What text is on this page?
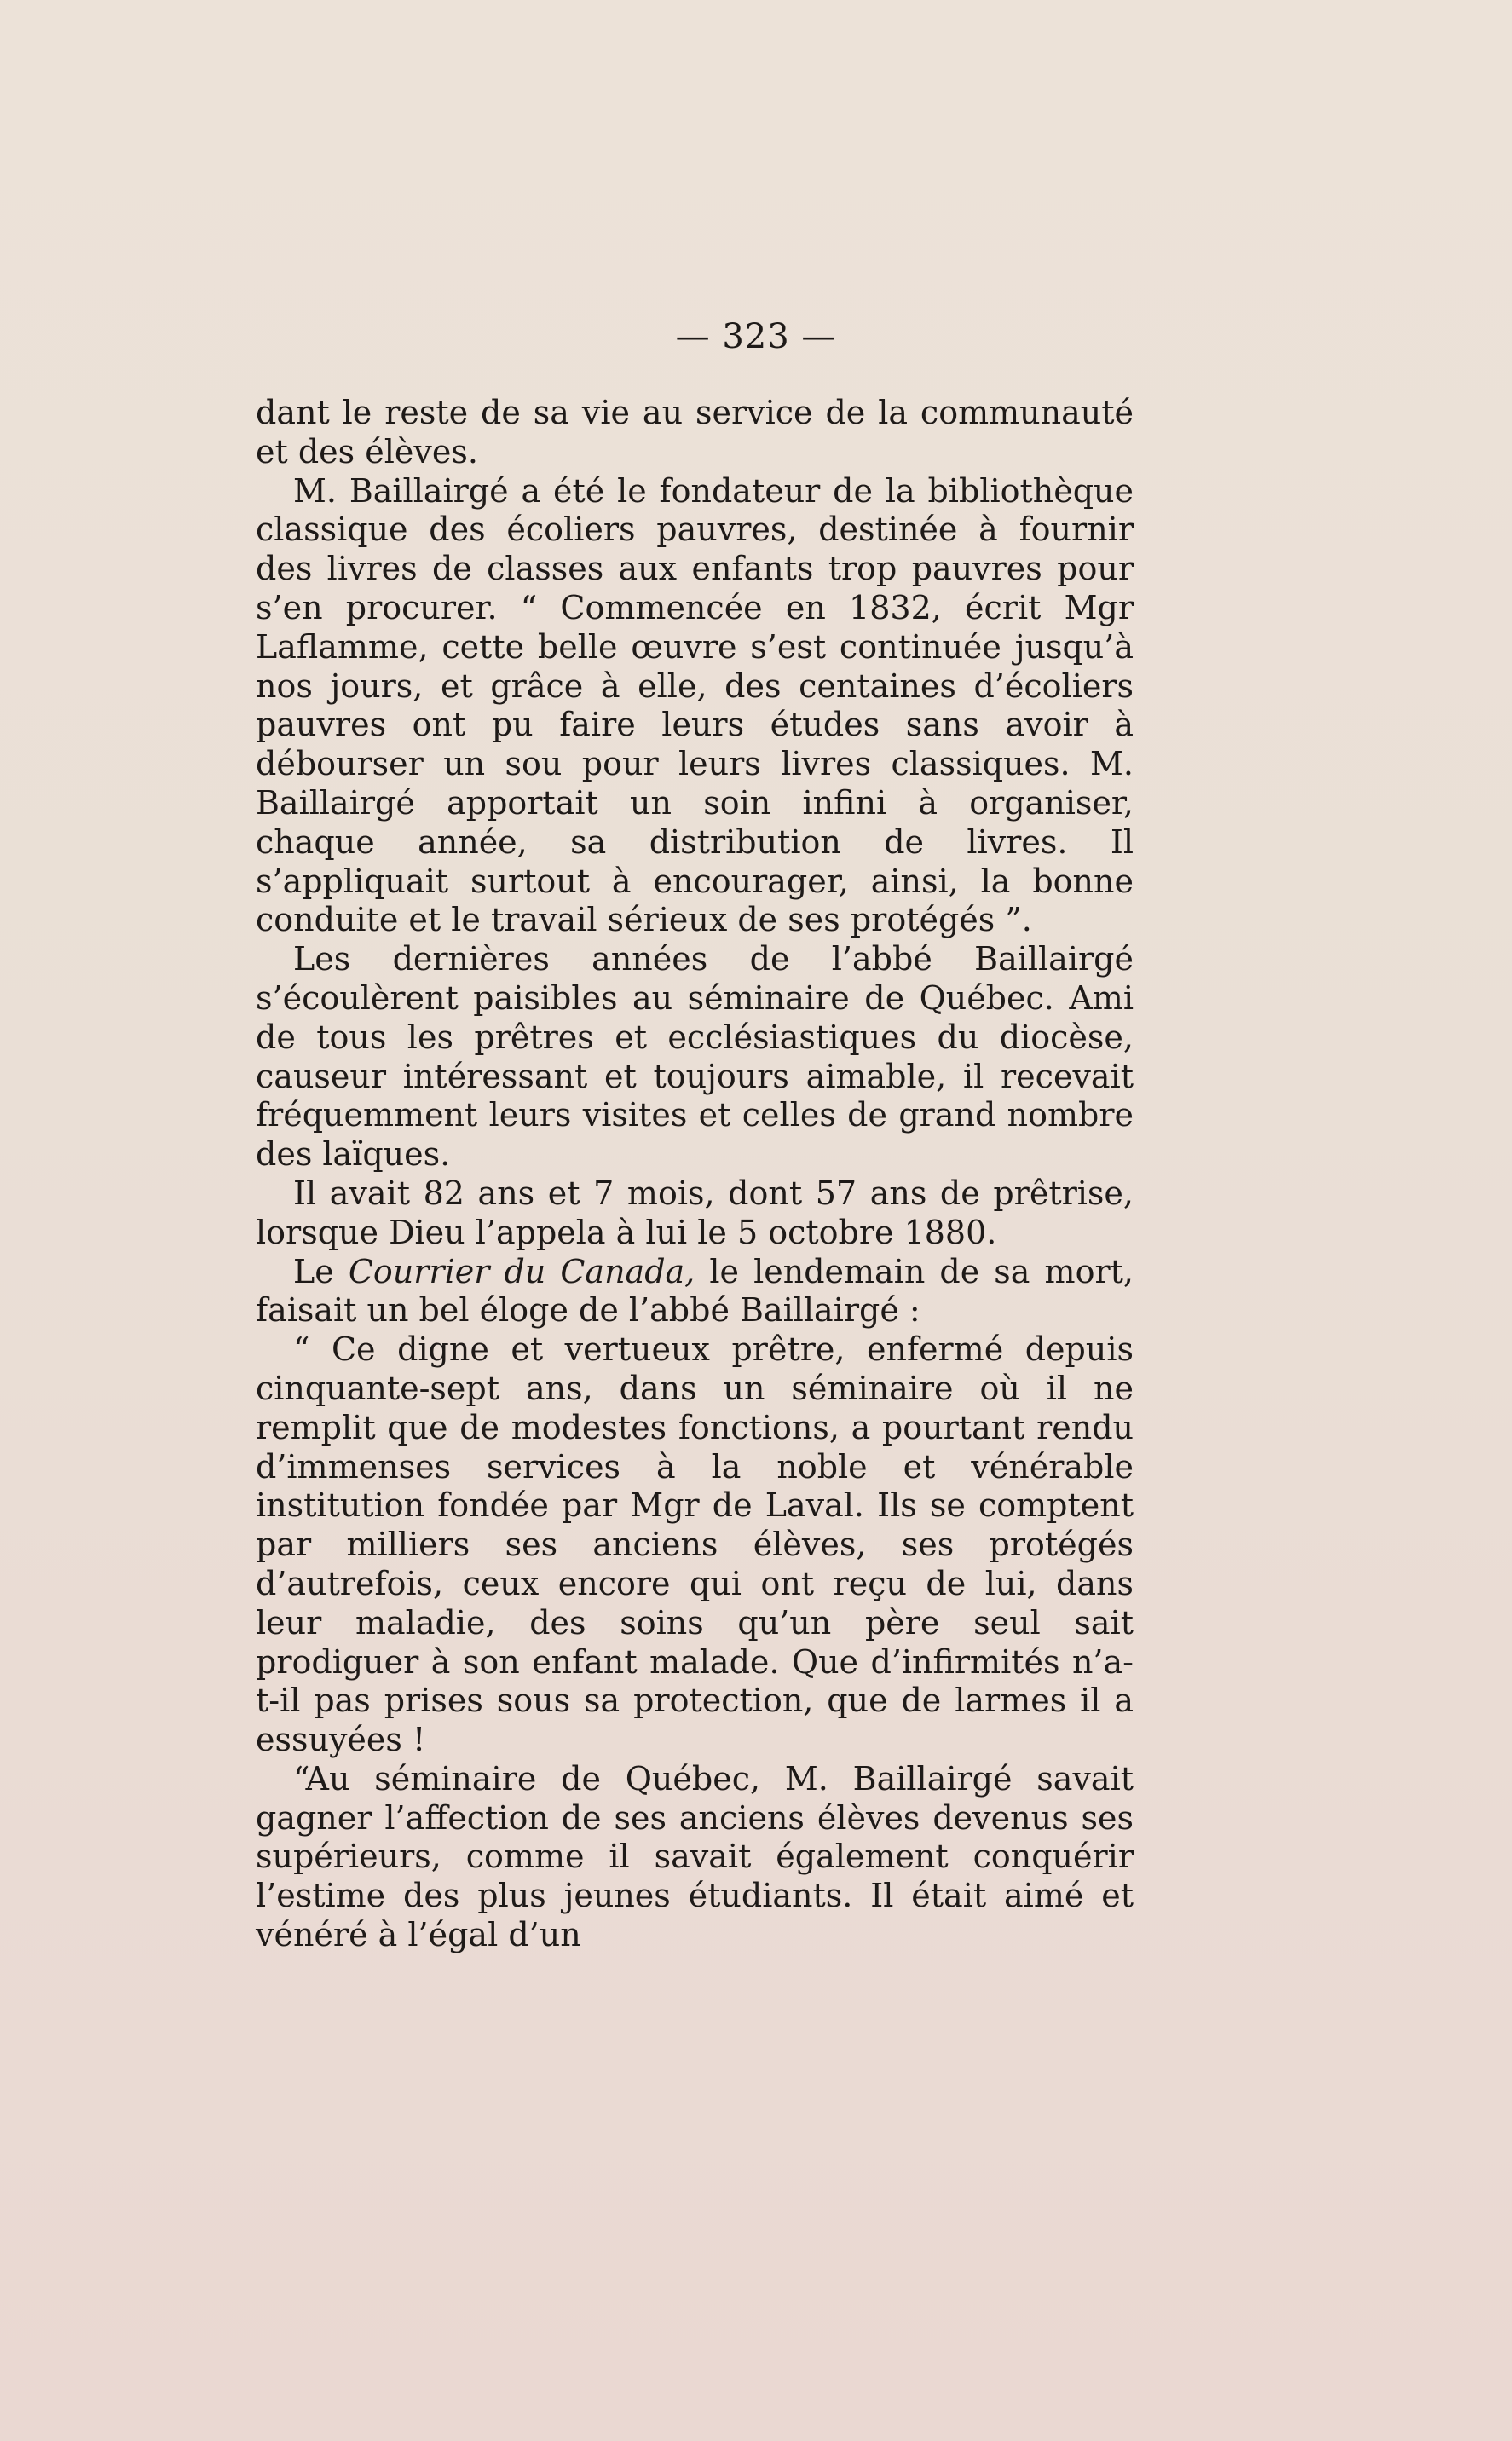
— 323 —

dant le reste de sa vie au service de la communauté et des élèves.

M. Baillairgé a été le fondateur de la bibliothèque classique des écoliers pauvres, destinée à fournir des livres de classes aux enfants trop pauvres pour s’en procurer. “ Commencée en 1832, écrit Mgr Laflamme, cette belle œuvre s’est continuée jusqu’à nos jours, et grâce à elle, des centaines d’écoliers pauvres ont pu faire leurs études sans avoir à débourser un sou pour leurs livres classiques. M. Baillairgé apportait un soin infini à organiser, chaque année, sa distribution de livres. Il s’appliquait surtout à encourager, ainsi, la bonne conduite et le travail sérieux de ses protégés ”.

Les dernières années de l’abbé Baillairgé s’écoulèrent paisibles au séminaire de Québec. Ami de tous les prêtres et ecclésiastiques du diocèse, causeur intéressant et toujours aimable, il recevait fréquemment leurs visites et celles de grand nombre des laïques.

Il avait 82 ans et 7 mois, dont 57 ans de prêtrise, lorsque Dieu l’appela à lui le 5 octobre 1880.

Le Courrier du Canada, le lendemain de sa mort, faisait un bel éloge de l’abbé Baillairgé :

“ Ce digne et vertueux prêtre, enfermé depuis cinquante-sept ans, dans un séminaire où il ne remplit que de modestes fonctions, a pourtant rendu d’immenses services à la noble et vénérable institution fondée par Mgr de Laval. Ils se comptent par milliers ses anciens élèves, ses protégés d’autrefois, ceux encore qui ont reçu de lui, dans leur maladie, des soins qu’un père seul sait prodiguer à son enfant malade. Que d’infirmités n’a-t-il pas prises sous sa protection, que de larmes il a essuyées !

“Au séminaire de Québec, M. Baillairgé savait gagner l’affection de ses anciens élèves devenus ses supérieurs, comme il savait également conquérir l’estime des plus jeunes étudiants. Il était aimé et vénéré à l’égal d’un
